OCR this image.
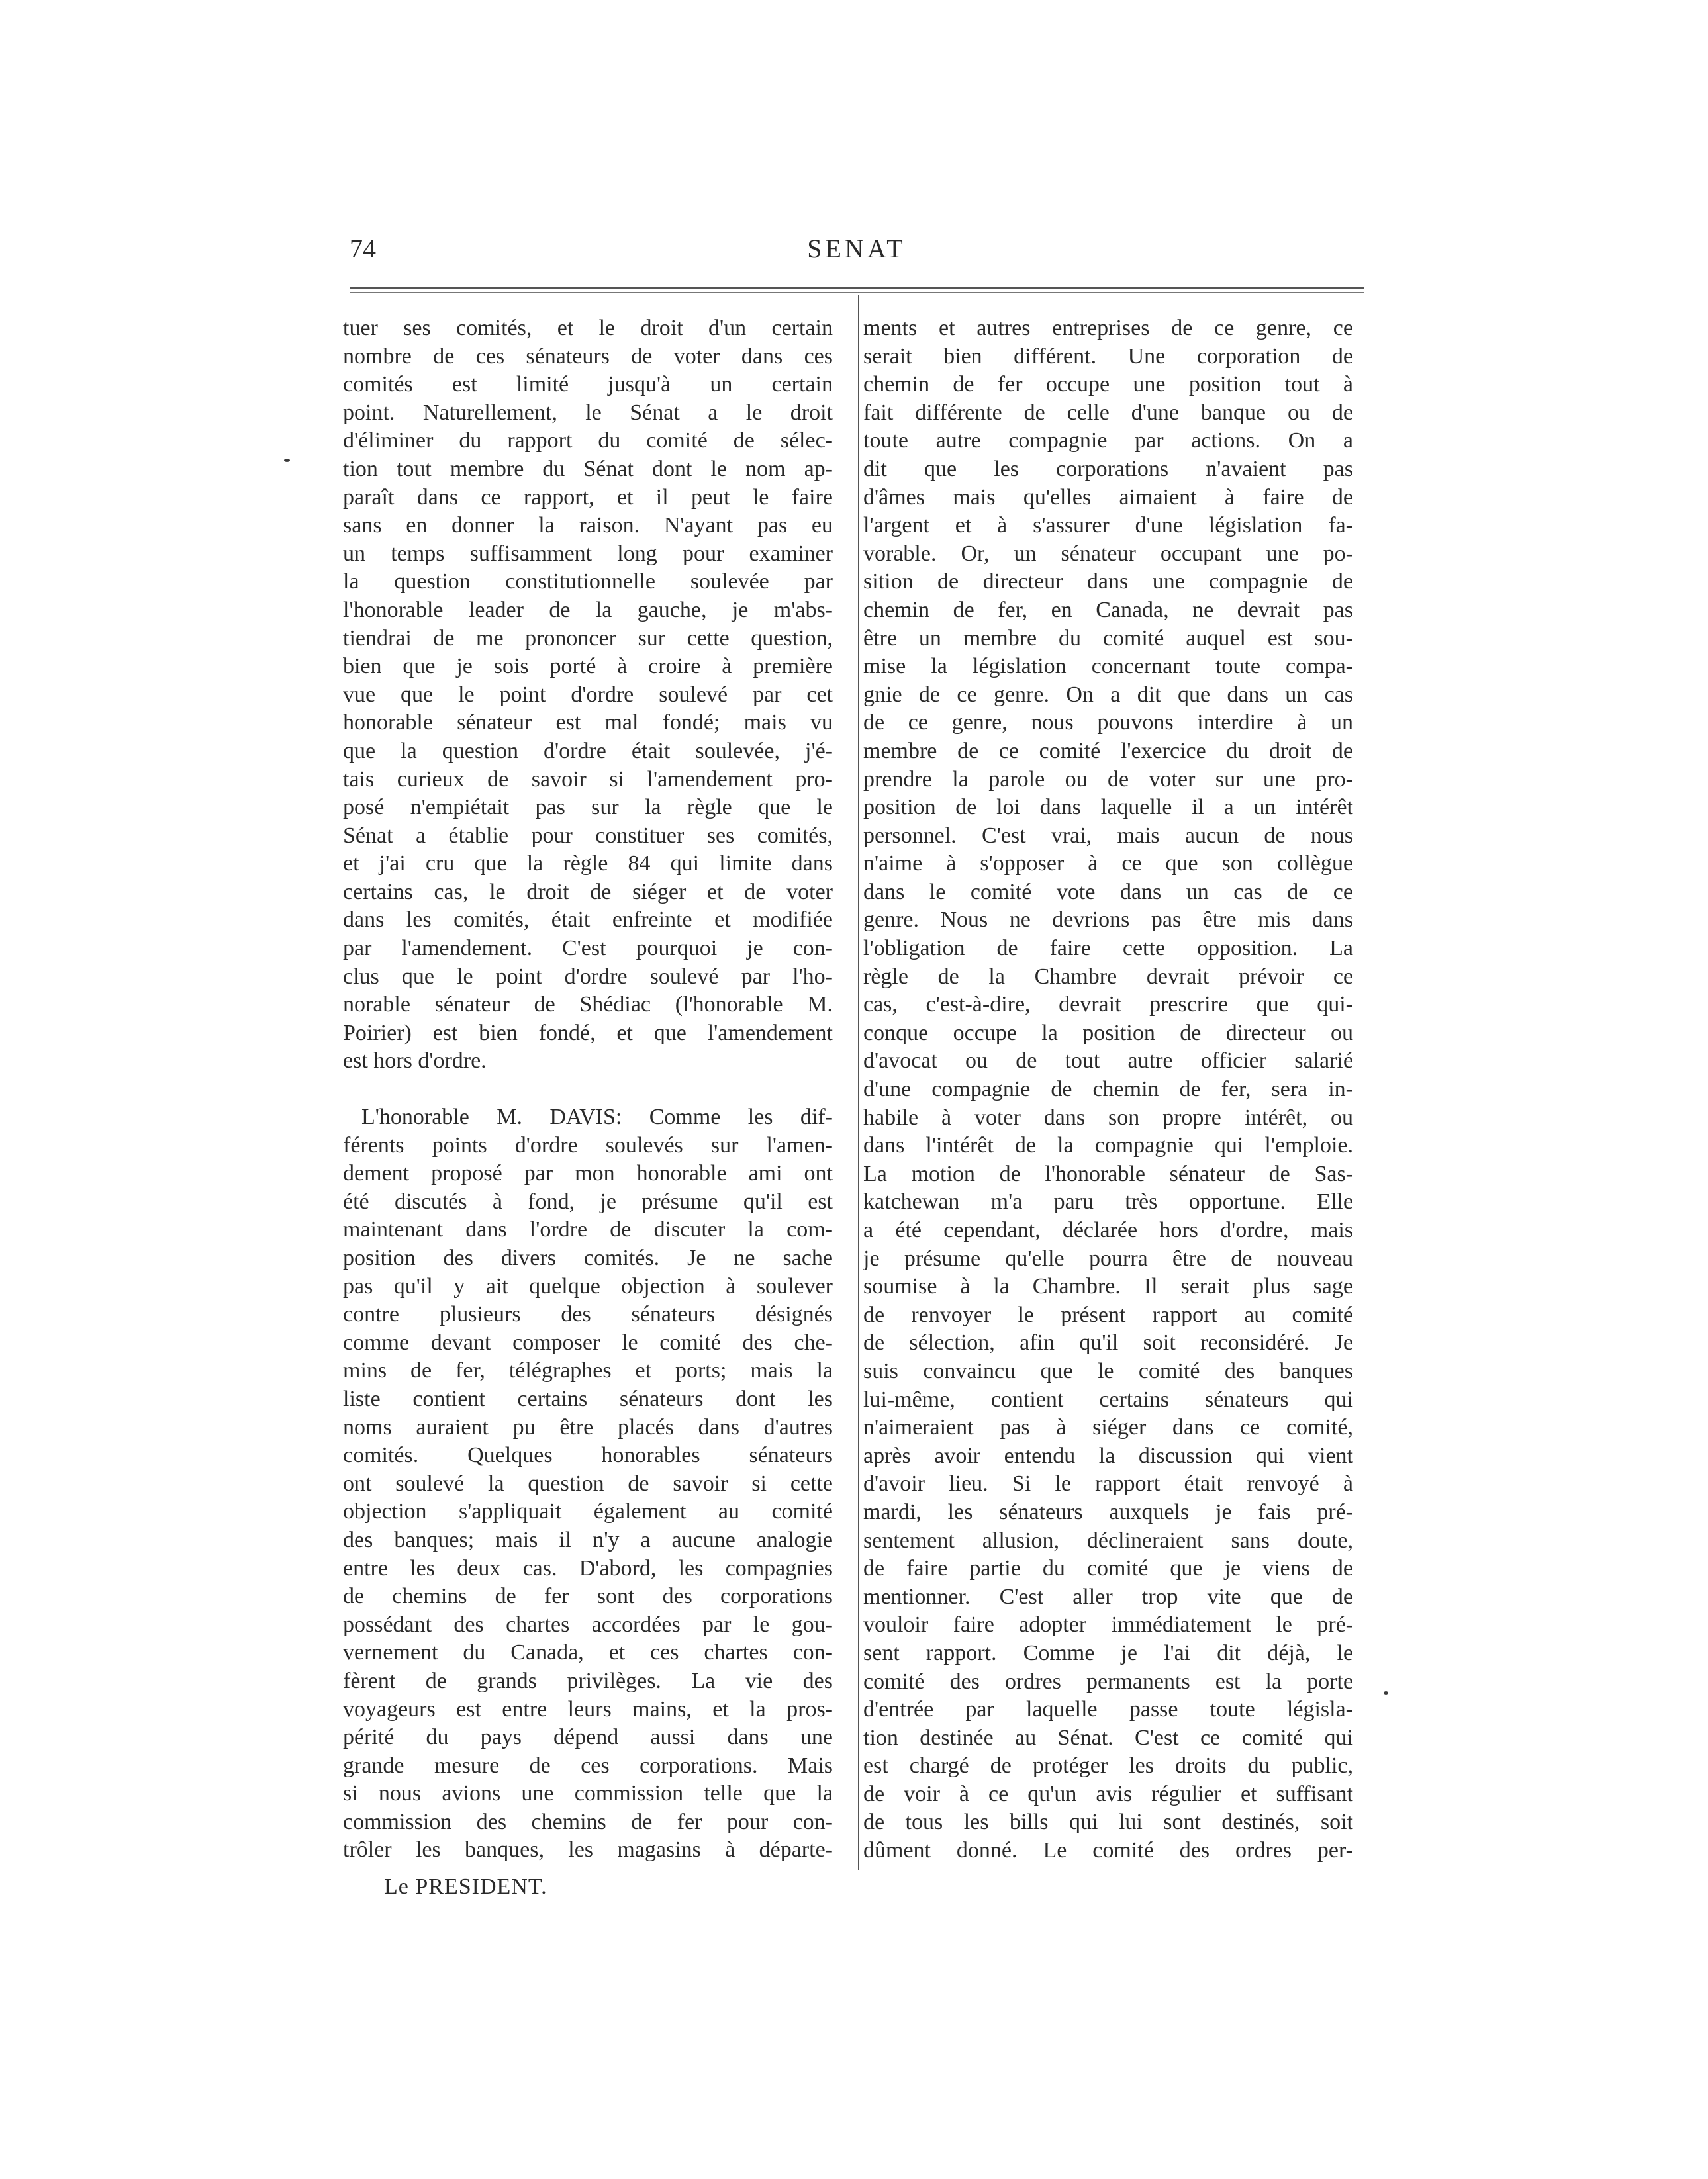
74	SENAT
tuer ses comités, et le droit d'un certain
nombre de ces sénateurs de voter dans ces
comités est limité jusqu'à un certain
point. Naturellement, le Sénat a le droit
d'éliminer du rapport du comité de sélec-
tion tout membre du Sénat dont le nom ap-
paraît dans ce rapport, et il peut le faire
sans en donner la raison. N'ayant pas eu
un temps suffisamment long pour examiner
la question constitutionnelle soulevée par
l'honorable leader de la gauche, je m'abs-
tiendrai de me prononcer sur cette question,
bien que je sois porté à croire à première
vue que le point d'ordre soulevé par cet
honorable sénateur est mal fondé; mais vu
que la question d'ordre était soulevée, j'é-
tais curieux de savoir si l'amendement pro-
posé n'empiétait pas sur la règle que le
Sénat a établie pour constituer ses comités,
et j'ai cru que la règle 84 qui limite dans
certains cas, le droit de siéger et de voter
dans les comités, était enfreinte et modifiée
par l'amendement. C'est pourquoi je con-
clus que le point d'ordre soulevé par l'ho-
norable sénateur de Shédiac (l'honorable M.
Poirier) est bien fondé, et que l'amendement
est hors d'ordre.
L'honorable M. DAVIS: Comme les dif-
férents points d'ordre soulevés sur l'amen-
dement proposé par mon honorable ami ont
été discutés à fond, je présume qu'il est
maintenant dans l'ordre de discuter la com-
position des divers comités. Je ne sache
pas qu'il y ait quelque objection à soulever
contre plusieurs des sénateurs désignés
comme devant composer le comité des che-
mins de fer, télégraphes et ports; mais la
liste contient certains sénateurs dont les
noms auraient pu être placés dans d'autres
comités. Quelques honorables sénateurs
ont soulevé la question de savoir si cette
objection s'appliquait également au comité
des banques; mais il n'y a aucune analogie
entre les deux cas. D'abord, les compagnies
de chemins de fer sont des corporations
possédant des chartes accordées par le gou-
vernement du Canada, et ces chartes con-
fèrent de grands privilèges. La vie des
voyageurs est entre leurs mains, et la pros-
périté du pays dépend aussi dans une
grande mesure de ces corporations. Mais
si nous avions une commission telle que la
commission des chemins de fer pour con-
trôler les banques, les magasins à départe-
Le PRESIDENT.
ments et autres entreprises de ce genre, ce
serait bien différent. Une corporation de
chemin de fer occupe une position tout à
fait différente de celle d'une banque ou de
toute autre compagnie par actions. On a
dit que les corporations n'avaient pas
d'âmes mais qu'elles aimaient à faire de
l'argent et à s'assurer d'une législation fa-
vorable. Or, un sénateur occupant une po-
sition de directeur dans une compagnie de
chemin de fer, en Canada, ne devrait pas
être un membre du comité auquel est sou-
mise la législation concernant toute compa-
gnie de ce genre. On a dit que dans un cas
de ce genre, nous pouvons interdire à un
membre de ce comité l'exercice du droit de
prendre la parole ou de voter sur une pro-
position de loi dans laquelle il a un intérêt
personnel. C'est vrai, mais aucun de nous
n'aime à s'opposer à ce que son collègue
dans le comité vote dans un cas de ce
genre. Nous ne devrions pas être mis dans
l'obligation de faire cette opposition. La
règle de la Chambre devrait prévoir ce
cas, c'est-à-dire, devrait prescrire que qui-
conque occupe la position de directeur ou
d'avocat ou de tout autre officier salarié
d'une compagnie de chemin de fer, sera in-
habile à voter dans son propre intérêt, ou
dans l'intérêt de la compagnie qui l'emploie.
La motion de l'honorable sénateur de Sas-
katchewan m'a paru très opportune. Elle
a été cependant, déclarée hors d'ordre, mais
je présume qu'elle pourra être de nouveau
soumise à la Chambre. Il serait plus sage
de renvoyer le présent rapport au comité
de sélection, afin qu'il soit reconsidéré. Je
suis convaincu que le comité des banques
lui-même, contient certains sénateurs qui
n'aimeraient pas à siéger dans ce comité,
après avoir entendu la discussion qui vient
d'avoir lieu. Si le rapport était renvoyé à
mardi, les sénateurs auxquels je fais pré-
sentement allusion, déclineraient sans doute,
de faire partie du comité que je viens de
mentionner. C'est aller trop vite que de
vouloir faire adopter immédiatement le pré-
sent rapport. Comme je l'ai dit déjà, le
comité des ordres permanents est la porte
d'entrée par laquelle passe toute législa-
tion destinée au Sénat. C'est ce comité qui
est chargé de protéger les droits du public,
de voir à ce qu'un avis régulier et suffisant
de tous les bills qui lui sont destinés, soit
dûment donné. Le comité des ordres per-
